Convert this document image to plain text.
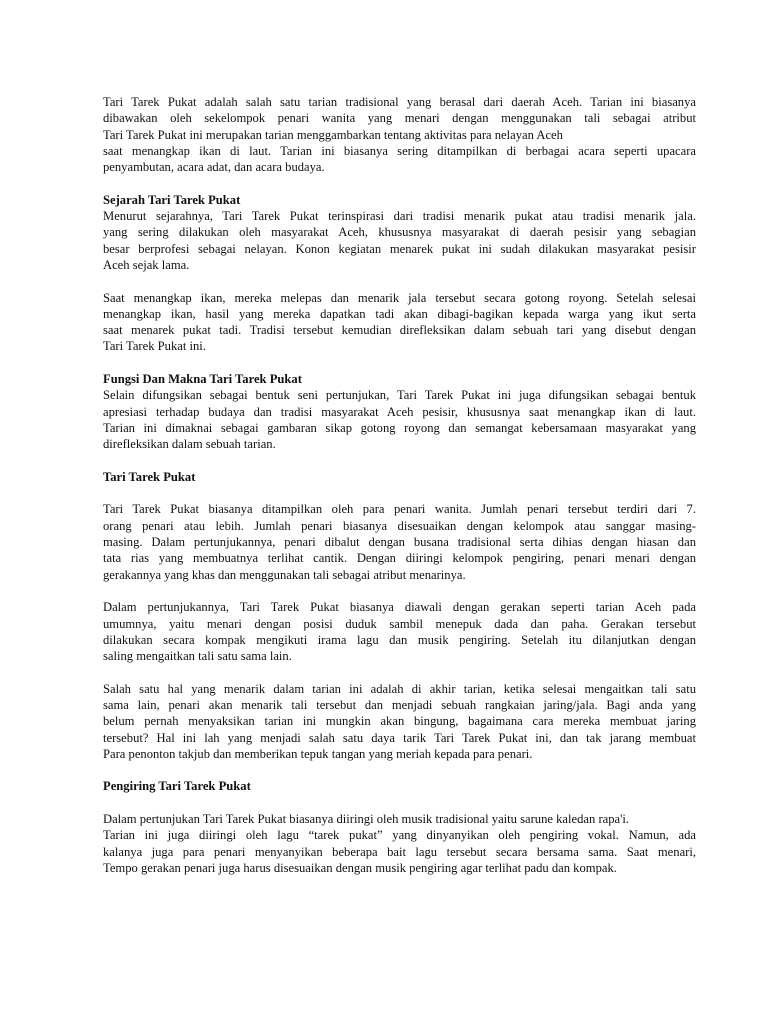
Tari Tarek Pukat adalah salah satu tarian tradisional yang berasal dari daerah Aceh. Tarian ini biasanya
dibawakan oleh sekelompok penari wanita yang menari dengan menggunakan tali sebagai atribut
Tari Tarek Pukat ini merupakan tarian menggambarkan tentang aktivitas para nelayan Aceh
saat menangkap ikan di laut. Tarian ini biasanya sering ditampilkan di berbagai acara seperti upacara
penyambutan, acara adat, dan acara budaya.
Sejarah Tari Tarek Pukat
Menurut sejarahnya, Tari Tarek Pukat terinspirasi dari tradisi menarik pukat atau tradisi menarik jala.
yang sering dilakukan oleh masyarakat Aceh, khususnya masyarakat di daerah pesisir yang sebagian
besar berprofesi sebagai nelayan. Konon kegiatan menarek pukat ini sudah dilakukan masyarakat pesisir
Aceh sejak lama.
Saat menangkap ikan, mereka melepas dan menarik jala tersebut secara gotong royong. Setelah selesai
menangkap ikan, hasil yang mereka dapatkan tadi akan dibagi-bagikan kepada warga yang ikut serta
saat menarek pukat tadi. Tradisi tersebut kemudian direfleksikan dalam sebuah tari yang disebut dengan
Tari Tarek Pukat ini.
Fungsi Dan Makna Tari Tarek Pukat
Selain difungsikan sebagai bentuk seni pertunjukan, Tari Tarek Pukat ini juga difungsikan sebagai bentuk
apresiasi terhadap budaya dan tradisi masyarakat Aceh pesisir, khususnya saat menangkap ikan di laut.
Tarian ini dimaknai sebagai gambaran sikap gotong royong dan semangat kebersamaan masyarakat yang
direfleksikan dalam sebuah tarian.
Tari Tarek Pukat
Tari Tarek Pukat biasanya ditampilkan oleh para penari wanita. Jumlah penari tersebut terdiri dari 7.
orang penari atau lebih. Jumlah penari biasanya disesuaikan dengan kelompok atau sanggar masing-
masing. Dalam pertunjukannya, penari dibalut dengan busana tradisional serta dihias dengan hiasan dan
tata rias yang membuatnya terlihat cantik. Dengan diiringi kelompok pengiring, penari menari dengan
gerakannya yang khas dan menggunakan tali sebagai atribut menarinya.
Dalam pertunjukannya, Tari Tarek Pukat biasanya diawali dengan gerakan seperti tarian Aceh pada
umumnya, yaitu menari dengan posisi duduk sambil menepuk dada dan paha. Gerakan tersebut
dilakukan secara kompak mengikuti irama lagu dan musik pengiring. Setelah itu dilanjutkan dengan
saling mengaitkan tali satu sama lain.
Salah satu hal yang menarik dalam tarian ini adalah di akhir tarian, ketika selesai mengaitkan tali satu
sama lain, penari akan menarik tali tersebut dan menjadi sebuah rangkaian jaring/jala. Bagi anda yang
belum pernah menyaksikan tarian ini mungkin akan bingung, bagaimana cara mereka membuat jaring
tersebut? Hal ini lah yang menjadi salah satu daya tarik Tari Tarek Pukat ini, dan tak jarang membuat
Para penonton takjub dan memberikan tepuk tangan yang meriah kepada para penari.
Pengiring Tari Tarek Pukat
Dalam pertunjukan Tari Tarek Pukat biasanya diiringi oleh musik tradisional yaitu sarune kaledan rapa'i.
Tarian ini juga diiringi oleh lagu “tarek pukat” yang dinyanyikan oleh pengiring vokal. Namun, ada
kalanya juga para penari menyanyikan beberapa bait lagu tersebut secara bersama sama. Saat menari,
Tempo gerakan penari juga harus disesuaikan dengan musik pengiring agar terlihat padu dan kompak.
